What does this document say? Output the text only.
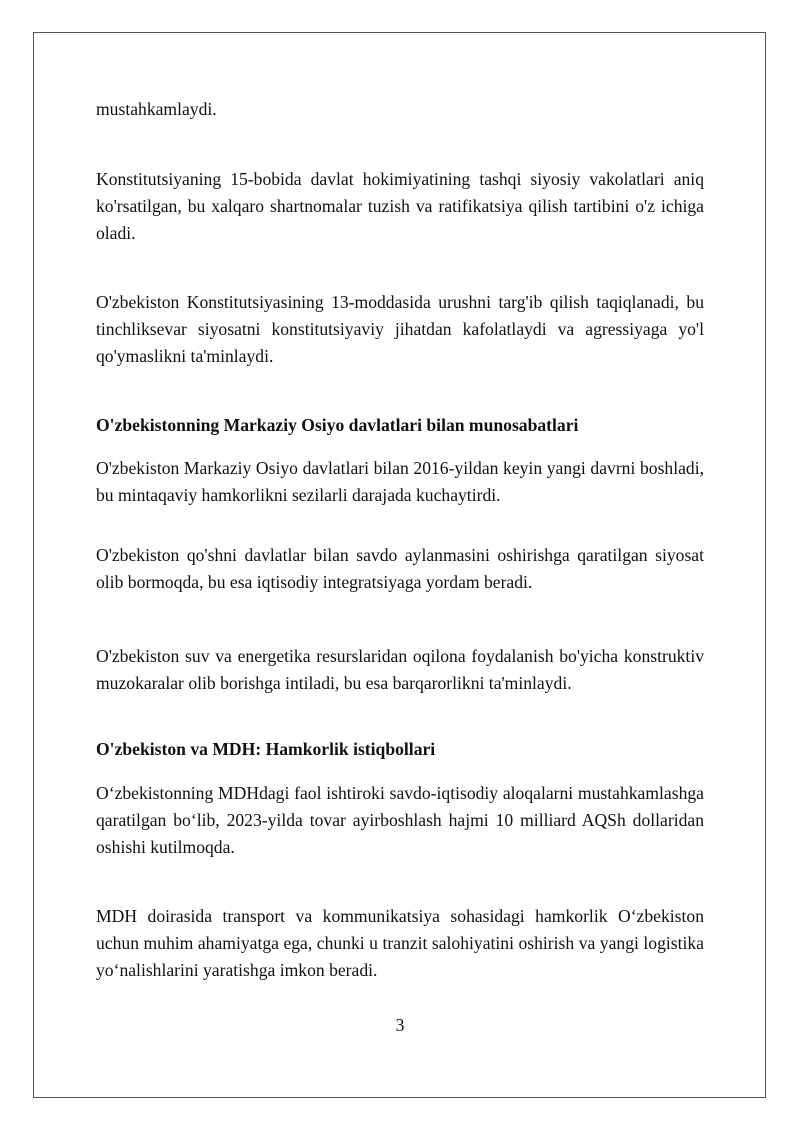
mustahkamlaydi.

Konstitutsiyaning 15-bobida davlat hokimiyatining tashqi siyosiy vakolatlari aniq ko'rsatilgan, bu xalqaro shartnomalar tuzish va ratifikatsiya qilish tartibini o'z ichiga oladi.

O'zbekiston Konstitutsiyasining 13-moddasida urushni targ'ib qilish taqiqlanadi, bu tinchliksevar siyosatni konstitutsiyaviy jihatdan kafolatlaydi va agressiyaga yo'l qo'ymaslikni ta'minlaydi.

O'zbekistonning Markaziy Osiyo davlatlari bilan munosabatlari

O'zbekiston Markaziy Osiyo davlatlari bilan 2016-yildan keyin yangi davrni boshladi, bu mintaqaviy hamkorlikni sezilarli darajada kuchaytirdi.

O'zbekiston qo'shni davlatlar bilan savdo aylanmasini oshirishga qaratilgan siyosat olib bormoqda, bu esa iqtisodiy integratsiyaga yordam beradi.

O'zbekiston suv va energetika resurslaridan oqilona foydalanish bo'yicha konstruktiv muzokaralar olib borishga intiladi, bu esa barqarorlikni ta'minlaydi.

O'zbekiston va MDH: Hamkorlik istiqbollari

O‘zbekistonning MDHdagi faol ishtiroki savdo-iqtisodiy aloqalarni mustahkamlashga qaratilgan bo‘lib, 2023-yilda tovar ayirboshlash hajmi 10 milliard AQSh dollaridan oshishi kutilmoqda.

MDH doirasida transport va kommunikatsiya sohasidagi hamkorlik O‘zbekiston uchun muhim ahamiyatga ega, chunki u tranzit salohiyatini oshirish va yangi logistika yo‘nalishlarini yaratishga imkon beradi.

3
